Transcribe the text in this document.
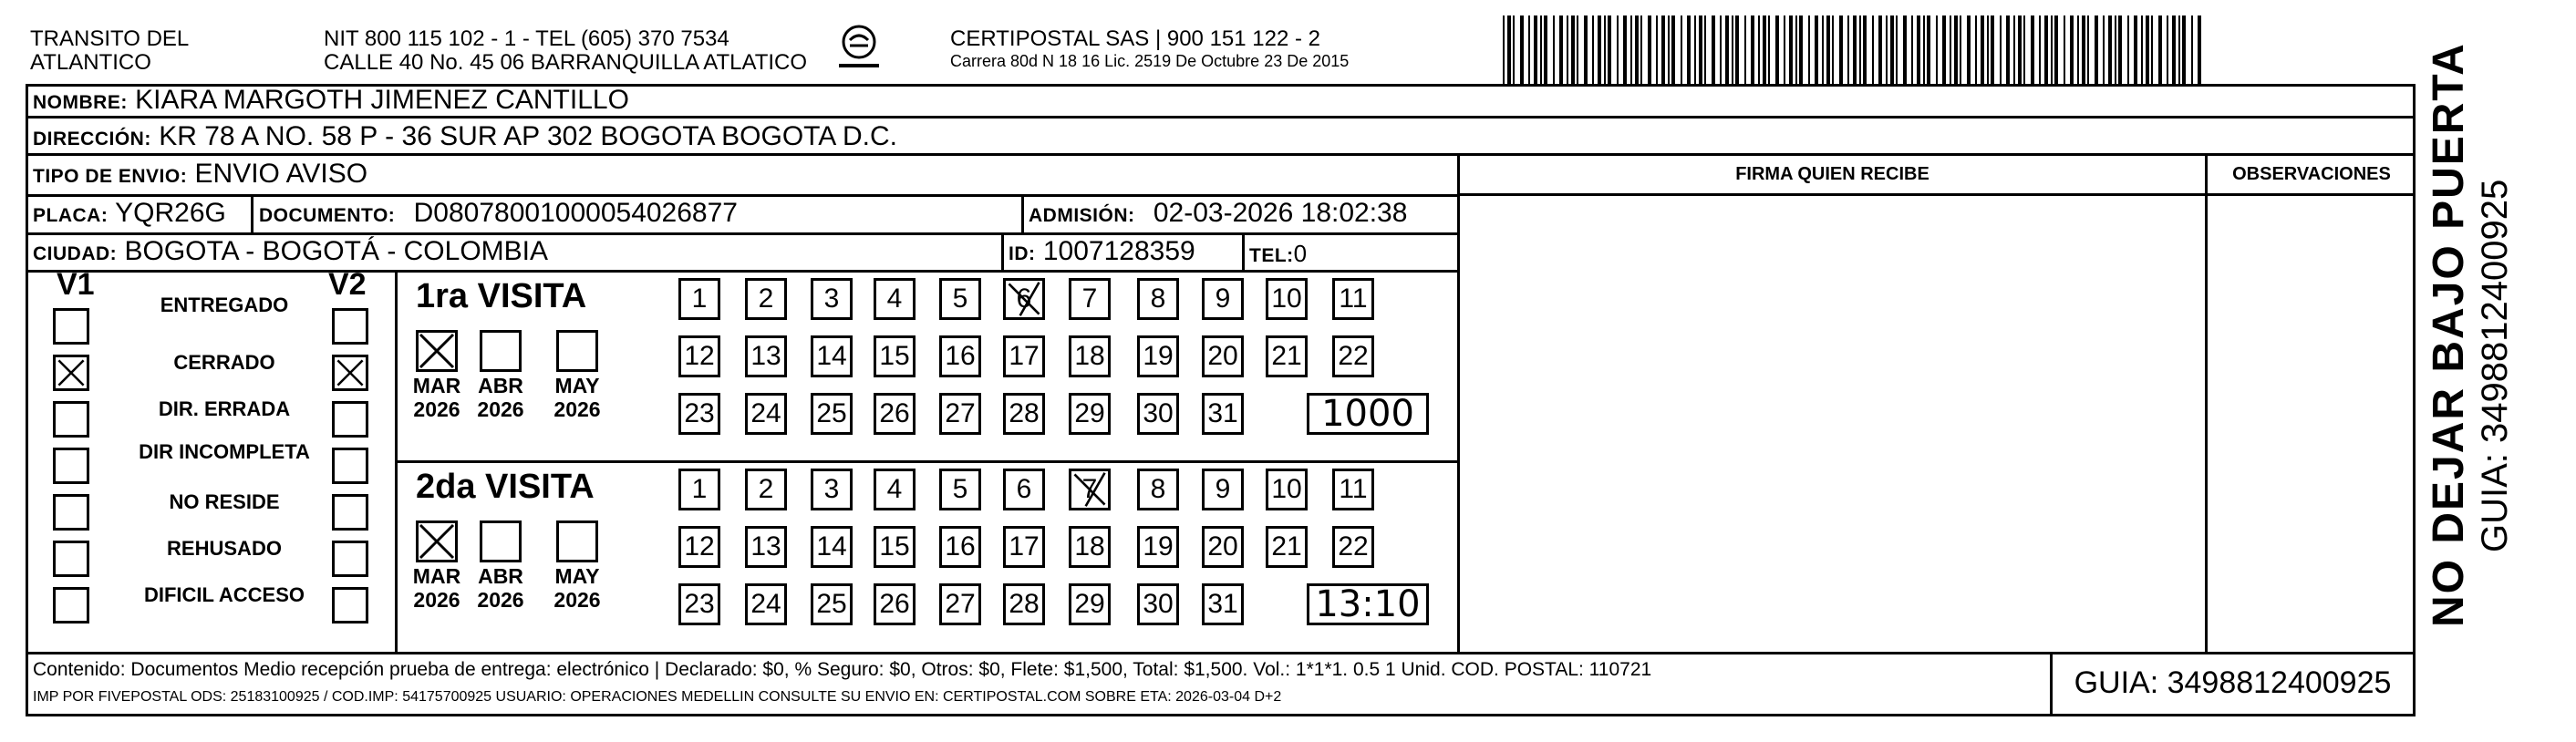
TRANSITO DEL
ATLANTICO
NIT 800 115 102 - 1 - TEL (605) 370 7534
CALLE 40 No. 45 06 BARRANQUILLA ATLATICO
CERTIPOSTAL SAS | 900 151 122 - 2
Carrera 80d N 18 16 Lic. 2519 De Octubre 23 De 2015
NOMBRE: KIARA MARGOTH JIMENEZ CANTILLO
DIRECCIÓN: KR 78 A NO. 58 P - 36 SUR AP 302 BOGOTA BOGOTA D.C.
TIPO DE ENVIO: ENVIO AVISO
PLACA: YQR26G DOCUMENTO: D08078001000054026877	ADMISIÓN: 02-03-2026 18:02:38
CIUDAD: BOGOTA - BOGOTÁ - COLOMBIA	ID: 1007128359	TEL:0
FIRMA QUIEN RECIBE	OBSERVACIONES
V1	V2
ENTREGADO
CERRADO
DIR. ERRADA
DIR INCOMPLETA
NO RESIDE
REHUSADO
DIFICIL ACCESO
1ra VISITA
MAR
2026
ABR
2026
MAY
2026
1	2	3	4	5	6	7	8	9	10 11
12 13 14 15 16 17 18 19 20 21 22
23 24 25 26 27 28 29 30 31	1000
2da VISITA
MAR
2026
ABR
2026
MAY
2026
1	2	3	4	5	6	7	8	9	10 11
12 13 14 15 16 17 18 19 20 21 22
23 24 25 26 27 28 29 30 31 13:10
Contenido: Documentos Medio recepción prueba de entrega: electrónico | Declarado: $0, % Seguro: $0, Otros: $0, Flete: $1,500, Total: $1,500. Vol.: 1*1*1. 0.5 1 Unid. COD. POSTAL: 110721
IMP POR FIVEPOSTAL ODS: 25183100925 / COD.IMP: 54175700925 USUARIO: OPERACIONES MEDELLIN CONSULTE SU ENVIO EN: CERTIPOSTAL.COM SOBRE ETA: 2026-03-04 D+2	GUIA: 3498812400925
NO DEJAR BAJO PUERTA GUIA: 3498812400925
